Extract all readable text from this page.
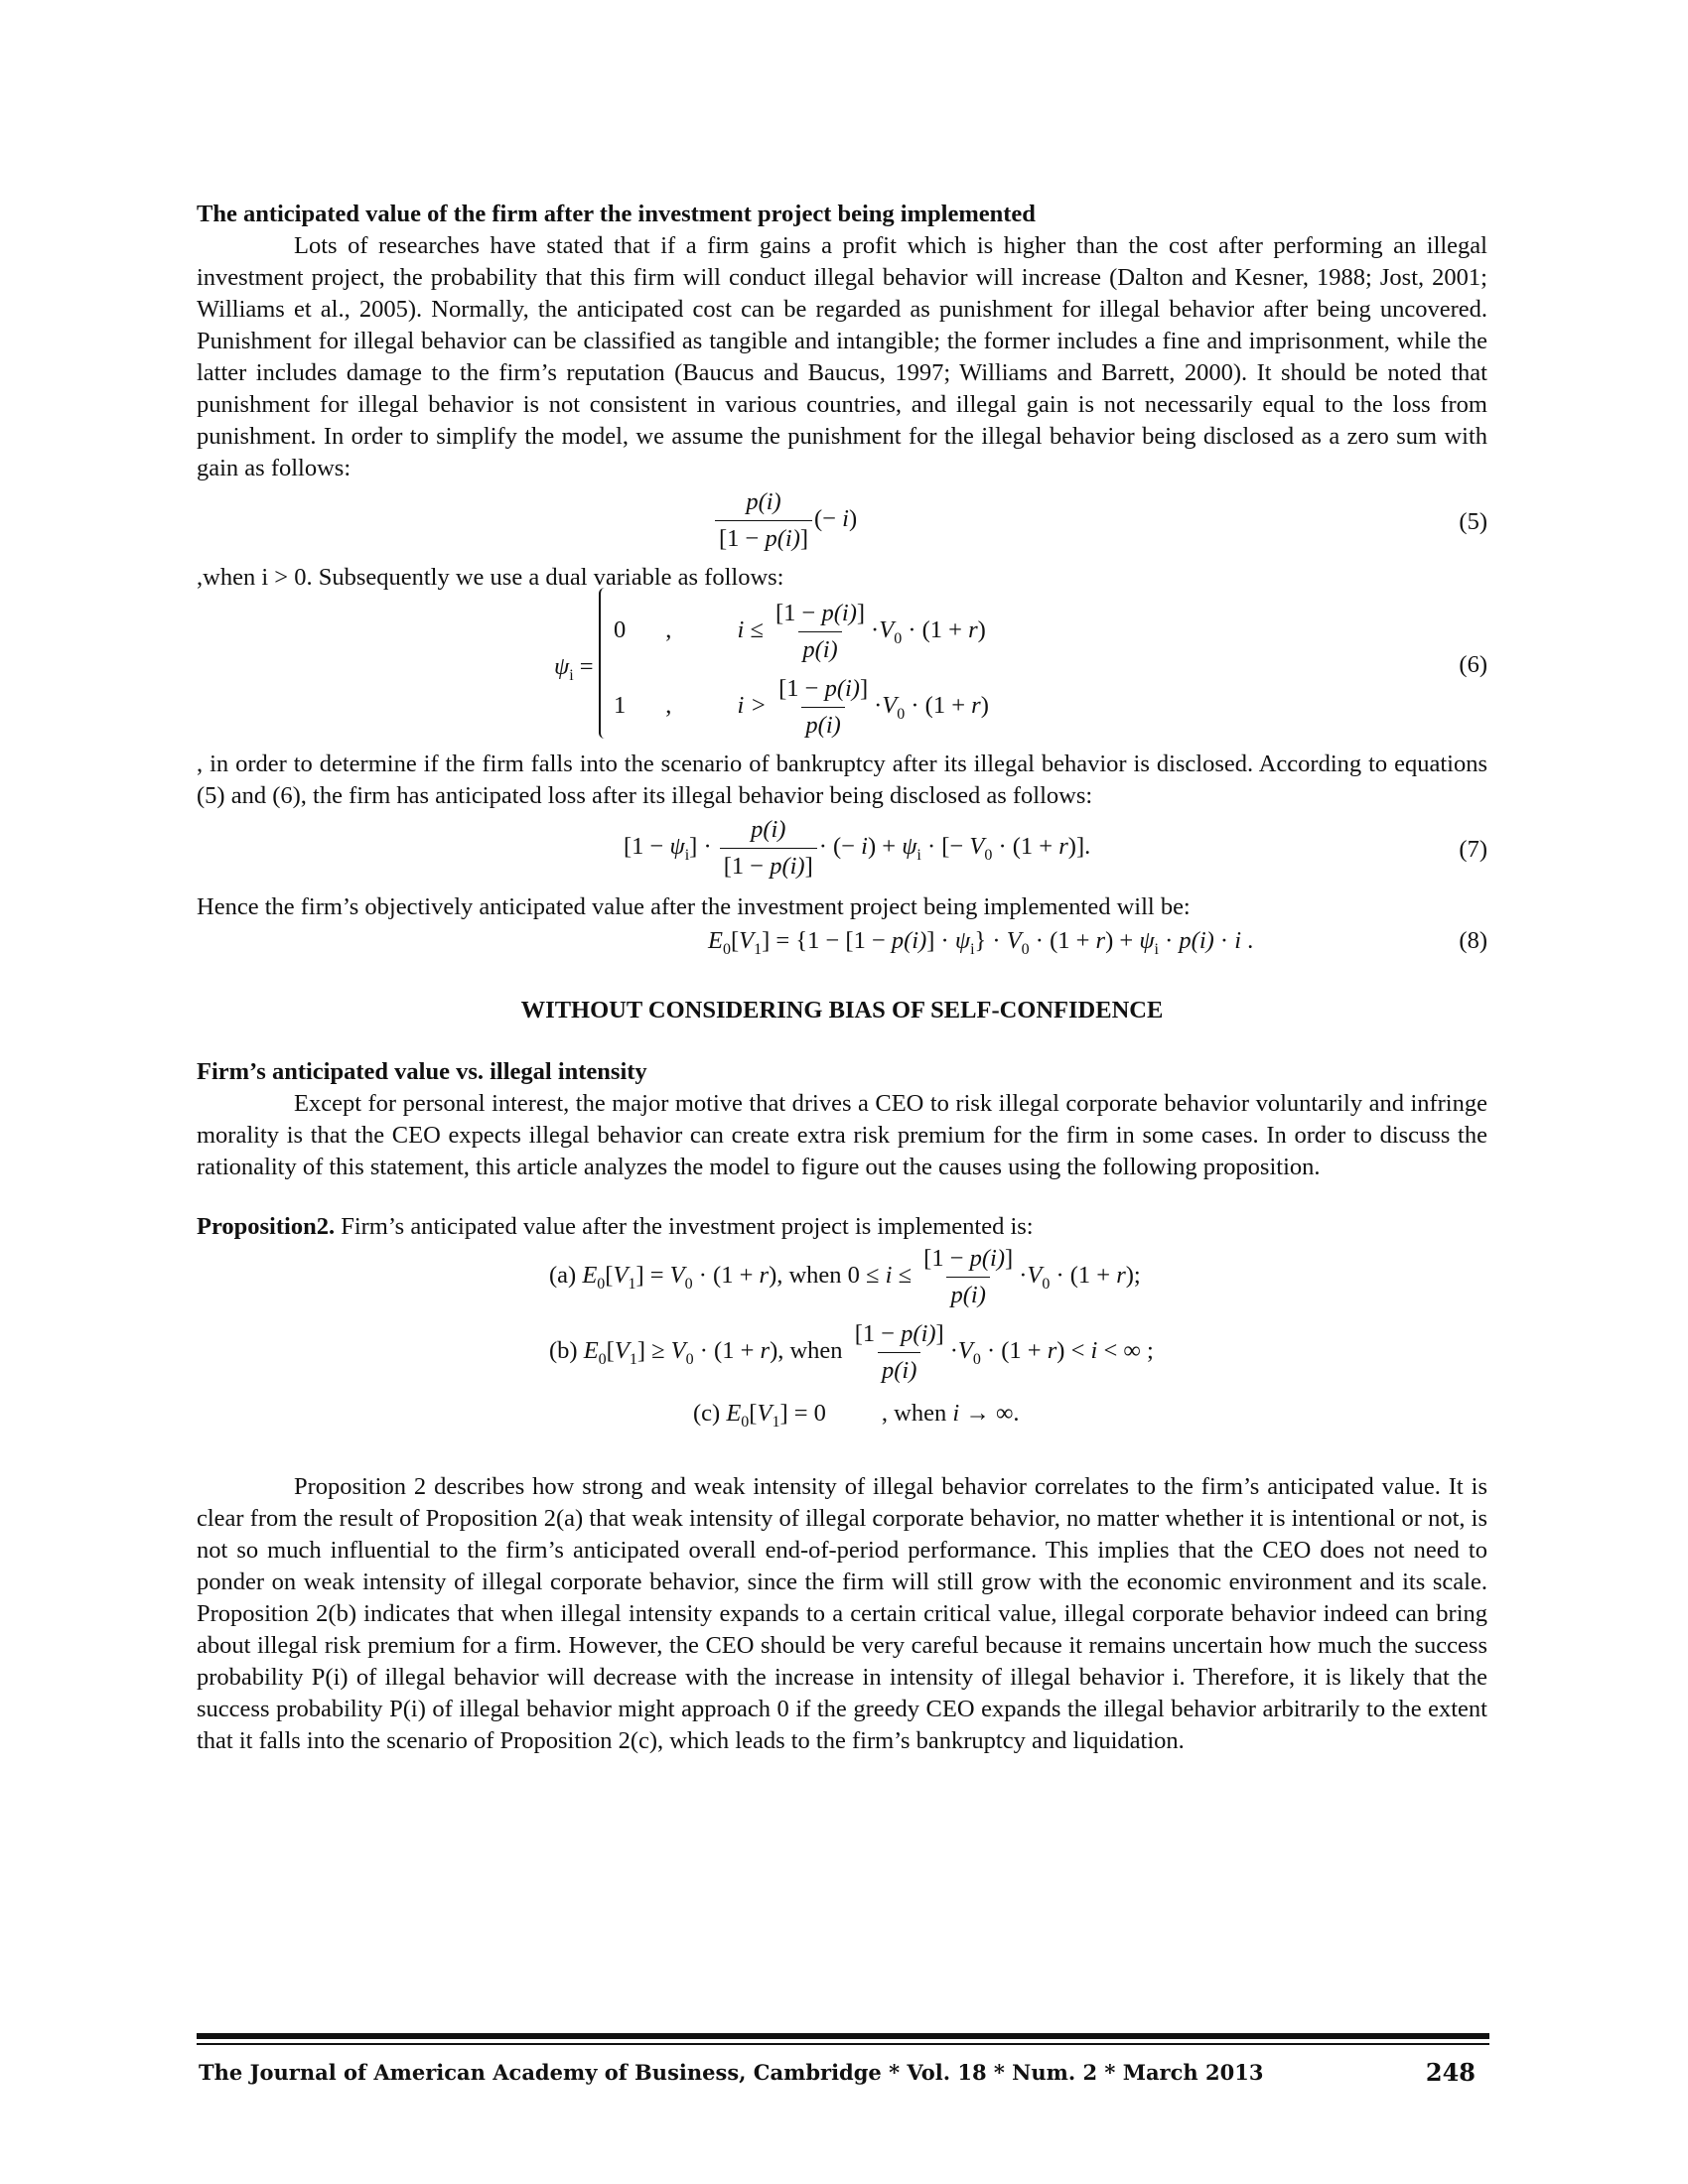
The anticipated value of the firm after the investment project being implemented

Lots of researches have stated that if a firm gains a profit which is higher than the cost after performing an illegal investment project, the probability that this firm will conduct illegal behavior will increase (Dalton and Kesner, 1988; Jost, 2001; Williams et al., 2005). Normally, the anticipated cost can be regarded as punishment for illegal behavior after being uncovered. Punishment for illegal behavior can be classified as tangible and intangible; the former includes a fine and imprisonment, while the latter includes damage to the firm’s reputation (Baucus and Baucus, 1997; Williams and Barrett, 2000). It should be noted that punishment for illegal behavior is not consistent in various countries, and illegal gain is not necessarily equal to the loss from punishment. In order to simplify the model, we assume the punishment for the illegal behavior being disclosed as a zero sum with gain as follows:

$\frac{p(i)}{[1 - p(i)]}$ (− i)	(5)

,when i > 0. Subsequently we use a dual variable as follows:

$\psi_i$ =
0 ,	$i \le \frac{[1 - p(i)]}{p(i)} \cdot V_0 \cdot (1 + r)$
1 ,	$i > \frac{[1 - p(i)]}{p(i)} \cdot V_0 \cdot (1 + r)$
(6)

, in order to determine if the firm falls into the scenario of bankruptcy after its illegal behavior is disclosed. According to equations (5) and (6), the firm has anticipated loss after its illegal behavior being disclosed as follows:

$[1 - \psi_i] \cdot \frac{p(i)}{[1 - p(i)]}$ · (− $i) + \psi_i$ · [− $V_0 \cdot (1 + r)$].	(7)

Hence the firm’s objectively anticipated value after the investment project being implemented will be:

$E_0[V_1] = \{1 - [1 - p(i)] \cdot \psi_i\} \cdot V_0 \cdot (1 + r) + \psi_i \cdot p(i) \cdot i$ .	(8)
WITHOUT CONSIDERING BIAS OF SELF-CONFIDENCE
Firm’s anticipated value vs. illegal intensity

Except for personal interest, the major motive that drives a CEO to risk illegal corporate behavior voluntarily and infringe morality is that the CEO expects illegal behavior can create extra risk premium for the firm in some cases. In order to discuss the rationality of this statement, this article analyzes the model to figure out the causes using the following proposition.

Proposition2. Firm’s anticipated value after the investment project is implemented is:
(a) $E_0[V_1] = V_0 \cdot (1 + r)$, when $0 \le i \le \frac{[1 - p(i)]}{p(i)} \cdot V_0 \cdot (1 + r)$;
(b) $E_0[V_1] \ge V_0 \cdot (1 + r)$, when $\frac{[1 - p(i)]}{p(i)} \cdot V_0 \cdot (1 + r) < i$ < ∞ ;
(c) $E_0[V_1] = 0$ , when i → ∞.

Proposition 2 describes how strong and weak intensity of illegal behavior correlates to the firm’s anticipated value. It is clear from the result of Proposition 2(a) that weak intensity of illegal corporate behavior, no matter whether it is intentional or not, is not so much influential to the firm’s anticipated overall end-of-period performance. This implies that the CEO does not need to ponder on weak intensity of illegal corporate behavior, since the firm will still grow with the economic environment and its scale. Proposition 2(b) indicates that when illegal intensity expands to a certain critical value, illegal corporate behavior indeed can bring about illegal risk premium for a firm. However, the CEO should be very careful because it remains uncertain how much the success probability P(i) of illegal behavior will decrease with the increase in intensity of illegal behavior i. Therefore, it is likely that the success probability P(i) of illegal behavior might approach 0 if the greedy CEO expands the illegal behavior arbitrarily to the extent that it falls into the scenario of Proposition 2(c), which leads to the firm’s bankruptcy and liquidation.

The Journal of American Academy of Business, Cambridge * Vol. 18 * Num. 2 * March 2013	248
